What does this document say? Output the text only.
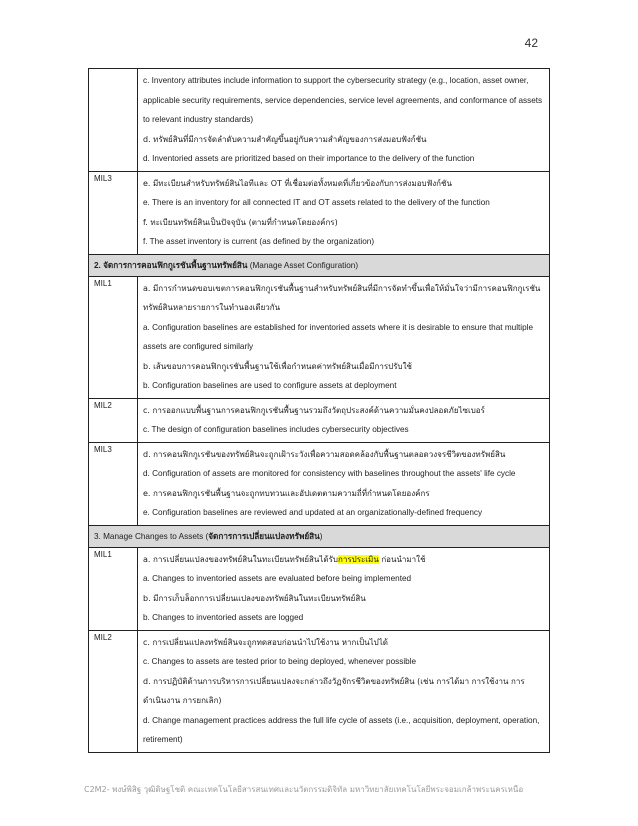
42

	c. Inventory attributes include information to support the cybersecurity strategy (e.g., location, asset owner, applicable security requirements, service dependencies, service level agreements, and conformance of assets to relevant industry standards)
d. ทรัพย์สินที่มีการจัดลำดับความสำคัญขึ้นอยู่กับความสำคัญของการส่งมอบฟังก์ชัน
d. Inventoried assets are prioritized based on their importance to the delivery of the function

MIL3	e. มีทะเบียนสำหรับทรัพย์สินไอทีและ OT ที่เชื่อมต่อทั้งหมดที่เกี่ยวข้องกับการส่งมอบฟังก์ชัน
e. There is an inventory for all connected IT and OT assets related to the delivery of the function
f. ทะเบียนทรัพย์สินเป็นปัจจุบัน (ตามที่กำหนดโดยองค์กร)
f. The asset inventory is current (as defined by the organization)

2. จัดการการคอนฟิกกูเรชันพื้นฐานทรัพย์สิน (Manage Asset Configuration)	
MIL1	a. มีการกำหนดขอบเขตการคอนฟิกกูเรชันพื้นฐานสำหรับทรัพย์สินที่มีการจัดทำขึ้นเพื่อให้มั่นใจว่ามีการคอนฟิกกูเรชันทรัพย์สินหลายรายการในทำนองเดียวกัน
a. Configuration baselines are established for inventoried assets where it is desirable to ensure that multiple assets are configured similarly
b. เส้นขอบการคอนฟิกกูเรชันพื้นฐานใช้เพื่อกำหนดค่าทรัพย์สินเมื่อมีการปรับใช้
b. Configuration baselines are used to configure assets at deployment

MIL2	c. การออกแบบพื้นฐานการคอนฟิกกูเรชันพื้นฐานรวมถึงวัตถุประสงค์ด้านความมั่นคงปลอดภัยไซเบอร์
c. The design of configuration baselines includes cybersecurity objectives

MIL3	d. การคอนฟิกกูเรชันของทรัพย์สินจะถูกเฝ้าระวังเพื่อความสอดคล้องกับพื้นฐานตลอดวงจรชีวิตของทรัพย์สิน
d. Configuration of assets are monitored for consistency with baselines throughout the assets' life cycle
e. การคอนฟิกกูเรชันพื้นฐานจะถูกทบทวนและอัปเดตตามความถี่ที่กำหนดโดยองค์กร
e. Configuration baselines are reviewed and updated at an organizationally-defined frequency

3. Manage Changes to Assets (จัดการการเปลี่ยนแปลงทรัพย์สิน)	
MIL1	a. การเปลี่ยนแปลงของทรัพย์สินในทะเบียนทรัพย์สินได้รับการประเมิน ก่อนนำมาใช้
a. Changes to inventoried assets are evaluated before being implemented
b. มีการเก็บล็อกการเปลี่ยนแปลงของทรัพย์สินในทะเบียนทรัพย์สิน
b. Changes to inventoried assets are logged

MIL2	c. การเปลี่ยนแปลงทรัพย์สินจะถูกทดสอบก่อนนำไปใช้งาน หากเป็นไปได้
c. Changes to assets are tested prior to being deployed, whenever possible
d. การปฏิบัติด้านการบริหารการเปลี่ยนแปลงจะกล่าวถึงวัฏจักรชีวิตของทรัพย์สิน (เช่น การได้มา การใช้งาน การดำเนินงาน การยกเลิก)
d. Change management practices address the full life cycle of assets (i.e., acquisition, deployment, operation, retirement)
C2M2- พงษ์พิสิฐ วุฒิดิษฐโชติ คณะเทคโนโลยีสารสนเทศและนวัตกรรมดิจิทัล มหาวิทยาลัยเทคโนโลยีพระจอมเกล้าพระนครเหนือ
